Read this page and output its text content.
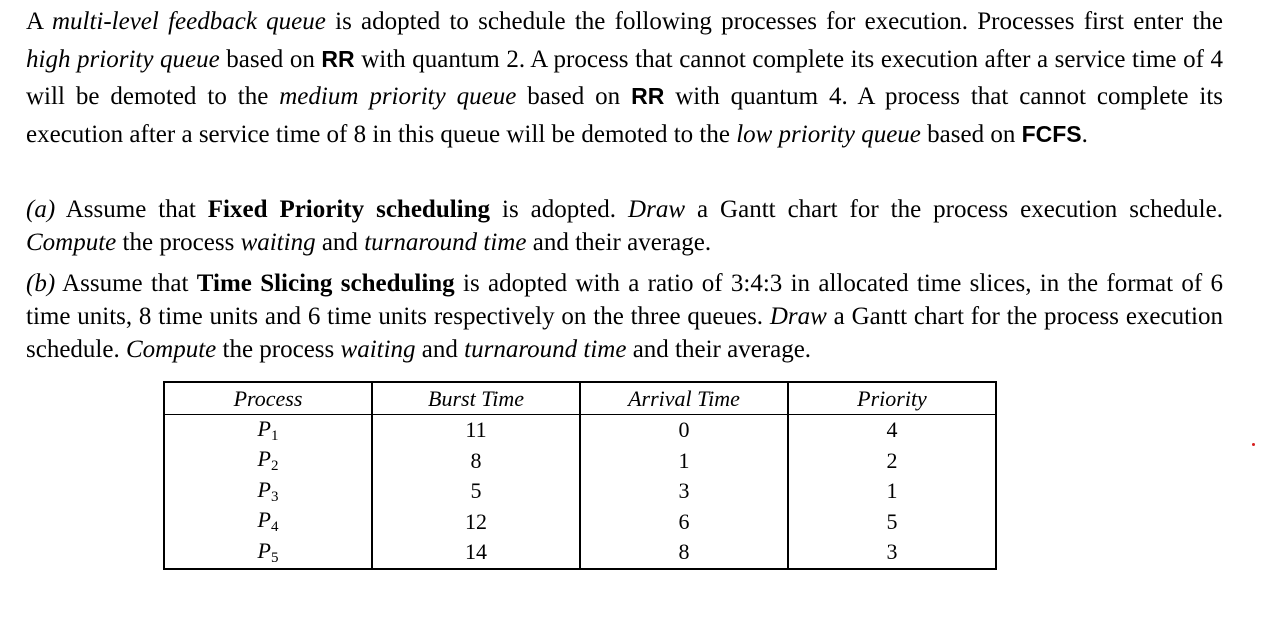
A multi-level feedback queue is adopted to schedule the following processes for execution. Processes first enter the high priority queue based on RR with quantum 2. A process that cannot complete its execution after a service time of 4 will be demoted to the medium priority queue based on RR with quantum 4. A process that cannot complete its execution after a service time of 8 in this queue will be demoted to the low priority queue based on FCFS.

(a) Assume that Fixed Priority scheduling is adopted. Draw a Gantt chart for the process execution schedule. Compute the process waiting and turnaround time and their average.

(b) Assume that Time Slicing scheduling is adopted with a ratio of 3:4:3 in allocated time slices, in the format of 6 time units, 8 time units and 6 time units respectively on the three queues. Draw a Gantt chart for the process execution schedule. Compute the process waiting and turnaround time and their average.

Process	Burst Time	Arrival Time	Priority
$P_1$	11	0	4
$P_2$	8	1	2
$P_3$	5	3	1
$P_4$	12	6	5
$P_5$	14	8	3
